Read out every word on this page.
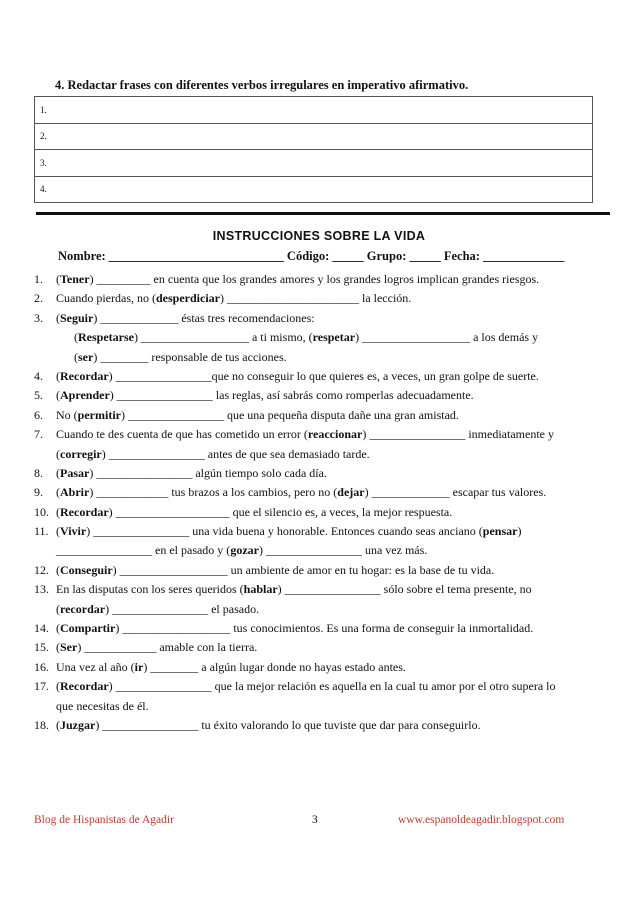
4. Redactar frases con diferentes verbos irregulares en imperativo afirmativo.
1.
2.
3.
4.
INSTRUCCIONES SOBRE LA VIDA
Nombre: ____________________________ Código: _____ Grupo: _____ Fecha: _____________
1. (Tener) _________ en cuenta que los grandes amores y los grandes logros implican grandes riesgos.
2. Cuando pierdas, no (desperdiciar) ______________________ la lección.
3. (Seguir) _____________ éstas tres recomendaciones:
(Respetarse) __________________ a ti mismo, (respetar) __________________ a los demás y
(ser) ________ responsable de tus acciones.
4. (Recordar) ________________que no conseguir lo que quieres es, a veces, un gran golpe de suerte.
5. (Aprender) ________________ las reglas, así sabrás como romperlas adecuadamente.
6. No (permitir) ________________ que una pequeña disputa dañe una gran amistad.
7. Cuando te des cuenta de que has cometido un error (reaccionar) ________________ inmediatamente y
(corregir) ________________ antes de que sea demasiado tarde.
8. (Pasar) ________________ algún tiempo solo cada día.
9. (Abrir) ____________ tus brazos a los cambios, pero no (dejar) _____________ escapar tus valores.
10. (Recordar) ___________________ que el silencio es, a veces, la mejor respuesta.
11. (Vivir) ________________ una vida buena y honorable. Entonces cuando seas anciano (pensar)
________________ en el pasado y (gozar) ________________ una vez más.
12. (Conseguir) __________________ un ambiente de amor en tu hogar: es la base de tu vida.
13. En las disputas con los seres queridos (hablar) ________________ sólo sobre el tema presente, no
(recordar) ________________ el pasado.
14. (Compartir) __________________ tus conocimientos. Es una forma de conseguir la inmortalidad.
15. (Ser) ____________ amable con la tierra.
16. Una vez al año (ir) ________ a algún lugar donde no hayas estado antes.
17. (Recordar) ________________ que la mejor relación es aquella en la cual tu amor por el otro supera lo
que necesitas de él.
18. (Juzgar) ________________ tu éxito valorando lo que tuviste que dar para conseguirlo.
Blog de Hispanistas de Agadir	3	www.espanoldeagadir.blogspot.com
